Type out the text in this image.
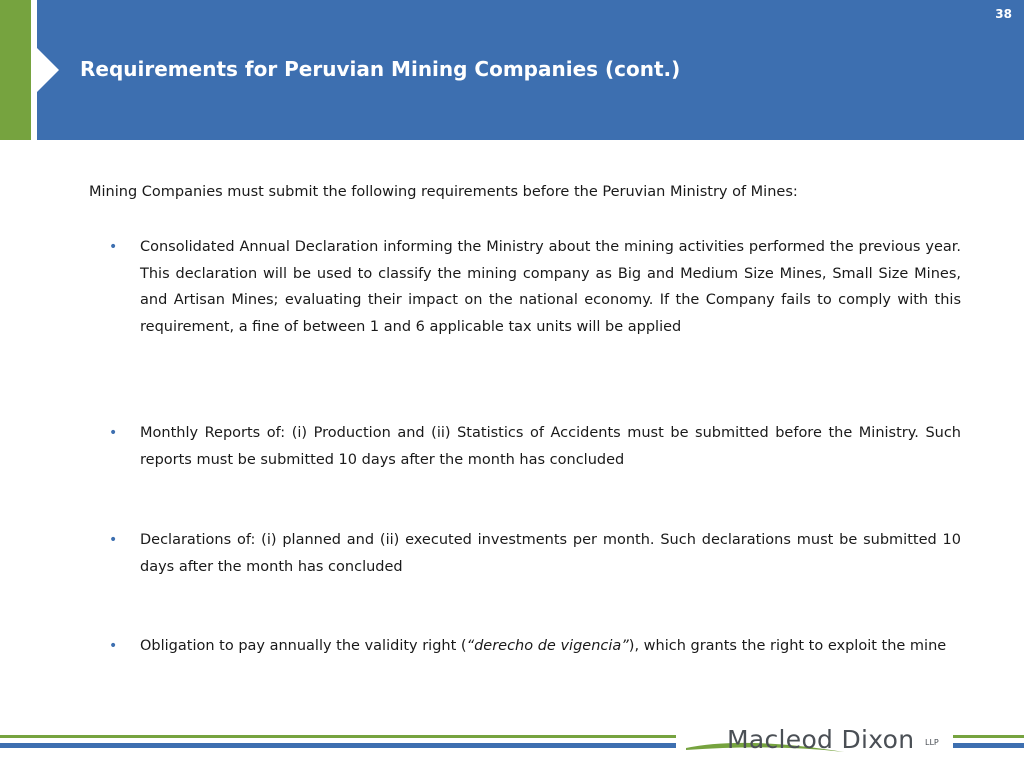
Requirements for Peruvian Mining Companies (cont.)
38
Mining Companies must submit the following requirements before the Peruvian Ministry of Mines:
• Consolidated Annual Declaration informing the Ministry about the mining activities performed the previous year. This declaration will be used to classify the mining company as Big and Medium Size Mines, Small Size Mines, and Artisan Mines; evaluating their impact on the national economy. If the Company fails to comply with this requirement, a fine of between 1 and 6 applicable tax units will be applied
• Monthly Reports of: (i) Production and (ii) Statistics of Accidents must be submitted before the Ministry. Such reports must be submitted 10 days after the month has concluded
• Declarations of: (i) planned and (ii) executed investments per month. Such declarations must be submitted 10 days after the month has concluded
• Obligation to pay annually the validity right (“derecho de vigencia”), which grants the right to exploit the mine
Macleod Dixon LLP
